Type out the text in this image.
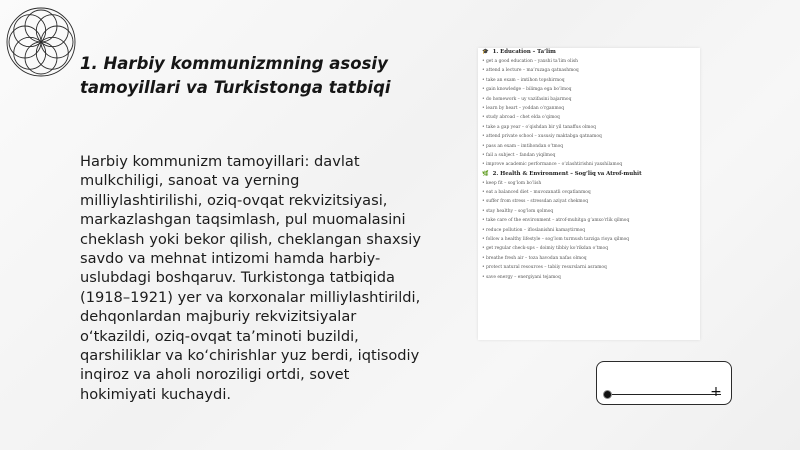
1. Harbiy kommunizmning asosiy tamoyillari va Turkistonga tatbiqi

Harbiy kommunizm tamoyillari: davlat mulkchiligi, sanoat va yerning milliylashtirilishi, oziq-ovqat rekvizitsiyasi, markazlashgan taqsimlash, pul muomalasini cheklash yoki bekor qilish, cheklangan shaxsiy savdo va mehnat intizomi hamda harbiy-uslubdagi boshqaruv. Turkistonga tatbiqida (1918–1921) yer va korxonalar milliylashtirildi, dehqonlardan majburiy rekvizitsiyalar o‘tkazildi, oziq-ovqat ta’minoti buzildi, qarshiliklar va ko‘chirishlar yuz berdi, iqtisodiy inqiroz va aholi noroziligi ortdi, sovet hokimiyati kuchaydi.

🎓 1. Education – Ta’lim
• get a good education – yaxshi ta’lim olish
• attend a lecture – ma’ruzaga qatnashmoq
• take an exam – imtihon topshirmoq
• gain knowledge – bilimga ega bo‘lmoq
• do homework – uy vazifasini bajarmoq
• learn by heart – yoddan o‘rganmoq
• study abroad – chet elda o‘qimoq
• take a gap year – o‘qishdan bir yil tanaffus olmoq
• attend private school – xususiy maktabga qatnamoq
• pass an exam – imtihondan o‘tmoq
• fail a subject – fandan yiqilmoq
• improve academic performance – o‘zlashtirishni yaxshilamoq
🌿 2. Health & Environment – Sog‘liq va Atrof-muhit
• keep fit – sog‘lom bo‘lish
• eat a balanced diet – muvozanatli ovqatlanmoq
• suffer from stress – stressdan aziyat chekmoq
• stay healthy – sog‘lom qolmoq
• take care of the environment – atrof-muhitga g‘amxo‘rlik qilmoq
• reduce pollution – ifloslanishni kamaytirmoq
• follow a healthy lifestyle – sog‘lom turmush tarziga rioya qilmoq
• get regular check-ups – doimiy tibbiy ko‘rikdan o‘tmoq
• breathe fresh air – toza havodan nafas olmoq
• protect natural resources – tabiiy resurslarni asramoq
• save energy – energiyani tejamoq
+
